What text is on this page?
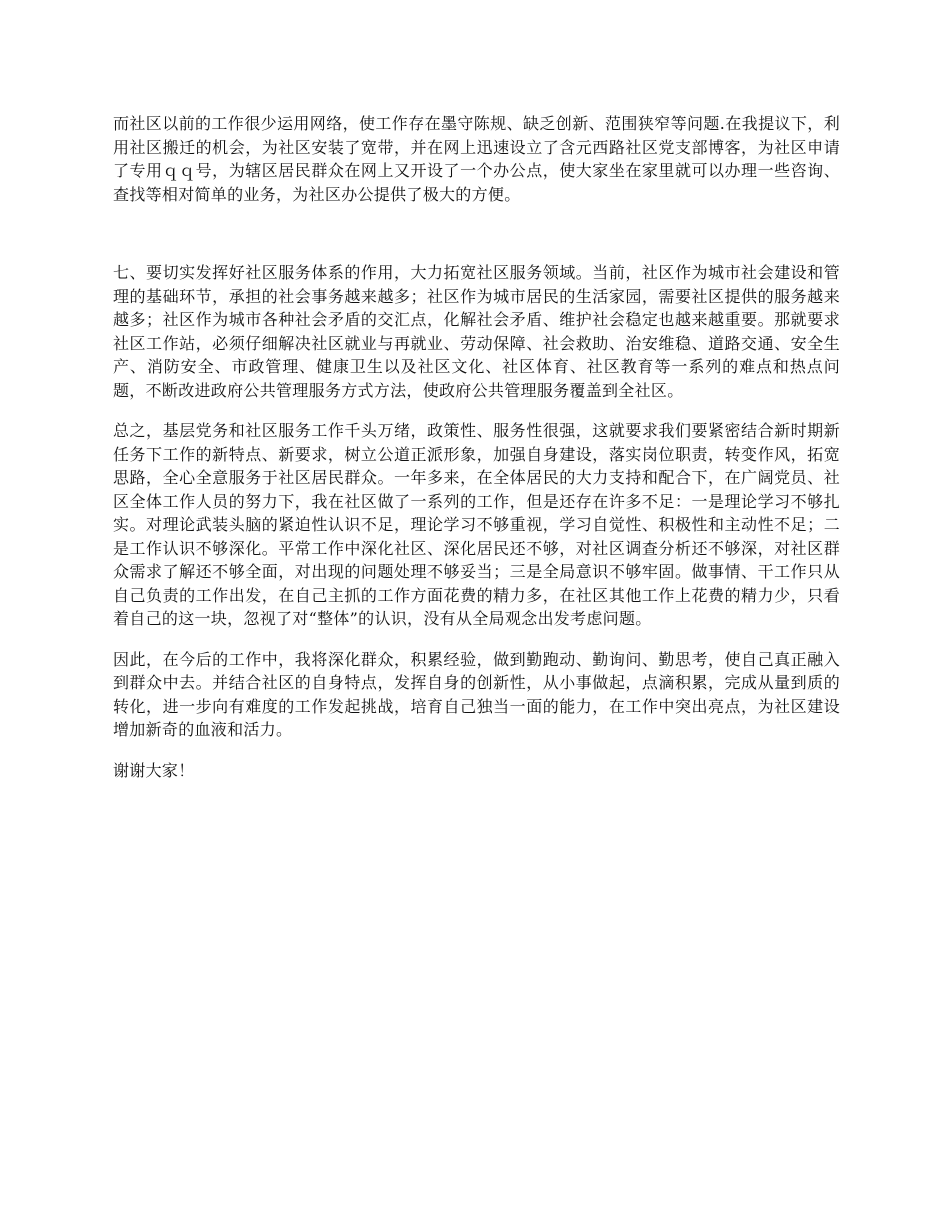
而社区以前的工作很少运用网络，使工作存在墨守陈规、缺乏创新、范围狭窄等问题.在我提议下，利用社区搬迁的机会，为社区安装了宽带，并在网上迅速设立了含元西路社区党支部博客，为社区申请了专用ｑｑ号，为辖区居民群众在网上又开设了一个办公点，使大家坐在家里就可以办理一些咨询、查找等相对简单的业务，为社区办公提供了极大的方便。

七、要切实发挥好社区服务体系的作用，大力拓宽社区服务领域。当前，社区作为城市社会建设和管理的基础环节，承担的社会事务越来越多；社区作为城市居民的生活家园，需要社区提供的服务越来越多；社区作为城市各种社会矛盾的交汇点，化解社会矛盾、维护社会稳定也越来越重要。那就要求社区工作站，必须仔细解决社区就业与再就业、劳动保障、社会救助、治安维稳、道路交通、安全生产、消防安全、市政管理、健康卫生以及社区文化、社区体育、社区教育等一系列的难点和热点问题，不断改进政府公共管理服务方式方法，使政府公共管理服务覆盖到全社区。

总之，基层党务和社区服务工作千头万绪，政策性、服务性很强，这就要求我们要紧密结合新时期新任务下工作的新特点、新要求，树立公道正派形象，加强自身建设，落实岗位职责，转变作风，拓宽思路，全心全意服务于社区居民群众。一年多来，在全体居民的大力支持和配合下，在广阔党员、社区全体工作人员的努力下，我在社区做了一系列的工作，但是还存在许多不足：一是理论学习不够扎实。对理论武装头脑的紧迫性认识不足，理论学习不够重视，学习自觉性、积极性和主动性不足；二是工作认识不够深化。平常工作中深化社区、深化居民还不够，对社区调查分析还不够深，对社区群众需求了解还不够全面，对出现的问题处理不够妥当；三是全局意识不够牢固。做事情、干工作只从自己负责的工作出发，在自己主抓的工作方面花费的精力多，在社区其他工作上花费的精力少，只看着自己的这一块，忽视了对“整体”的认识，没有从全局观念出发考虑问题。

因此，在今后的工作中，我将深化群众，积累经验，做到勤跑动、勤询问、勤思考，使自己真正融入到群众中去。并结合社区的自身特点，发挥自身的创新性，从小事做起，点滴积累，完成从量到质的转化，进一步向有难度的工作发起挑战，培育自己独当一面的能力，在工作中突出亮点，为社区建设增加新奇的血液和活力。

谢谢大家！
